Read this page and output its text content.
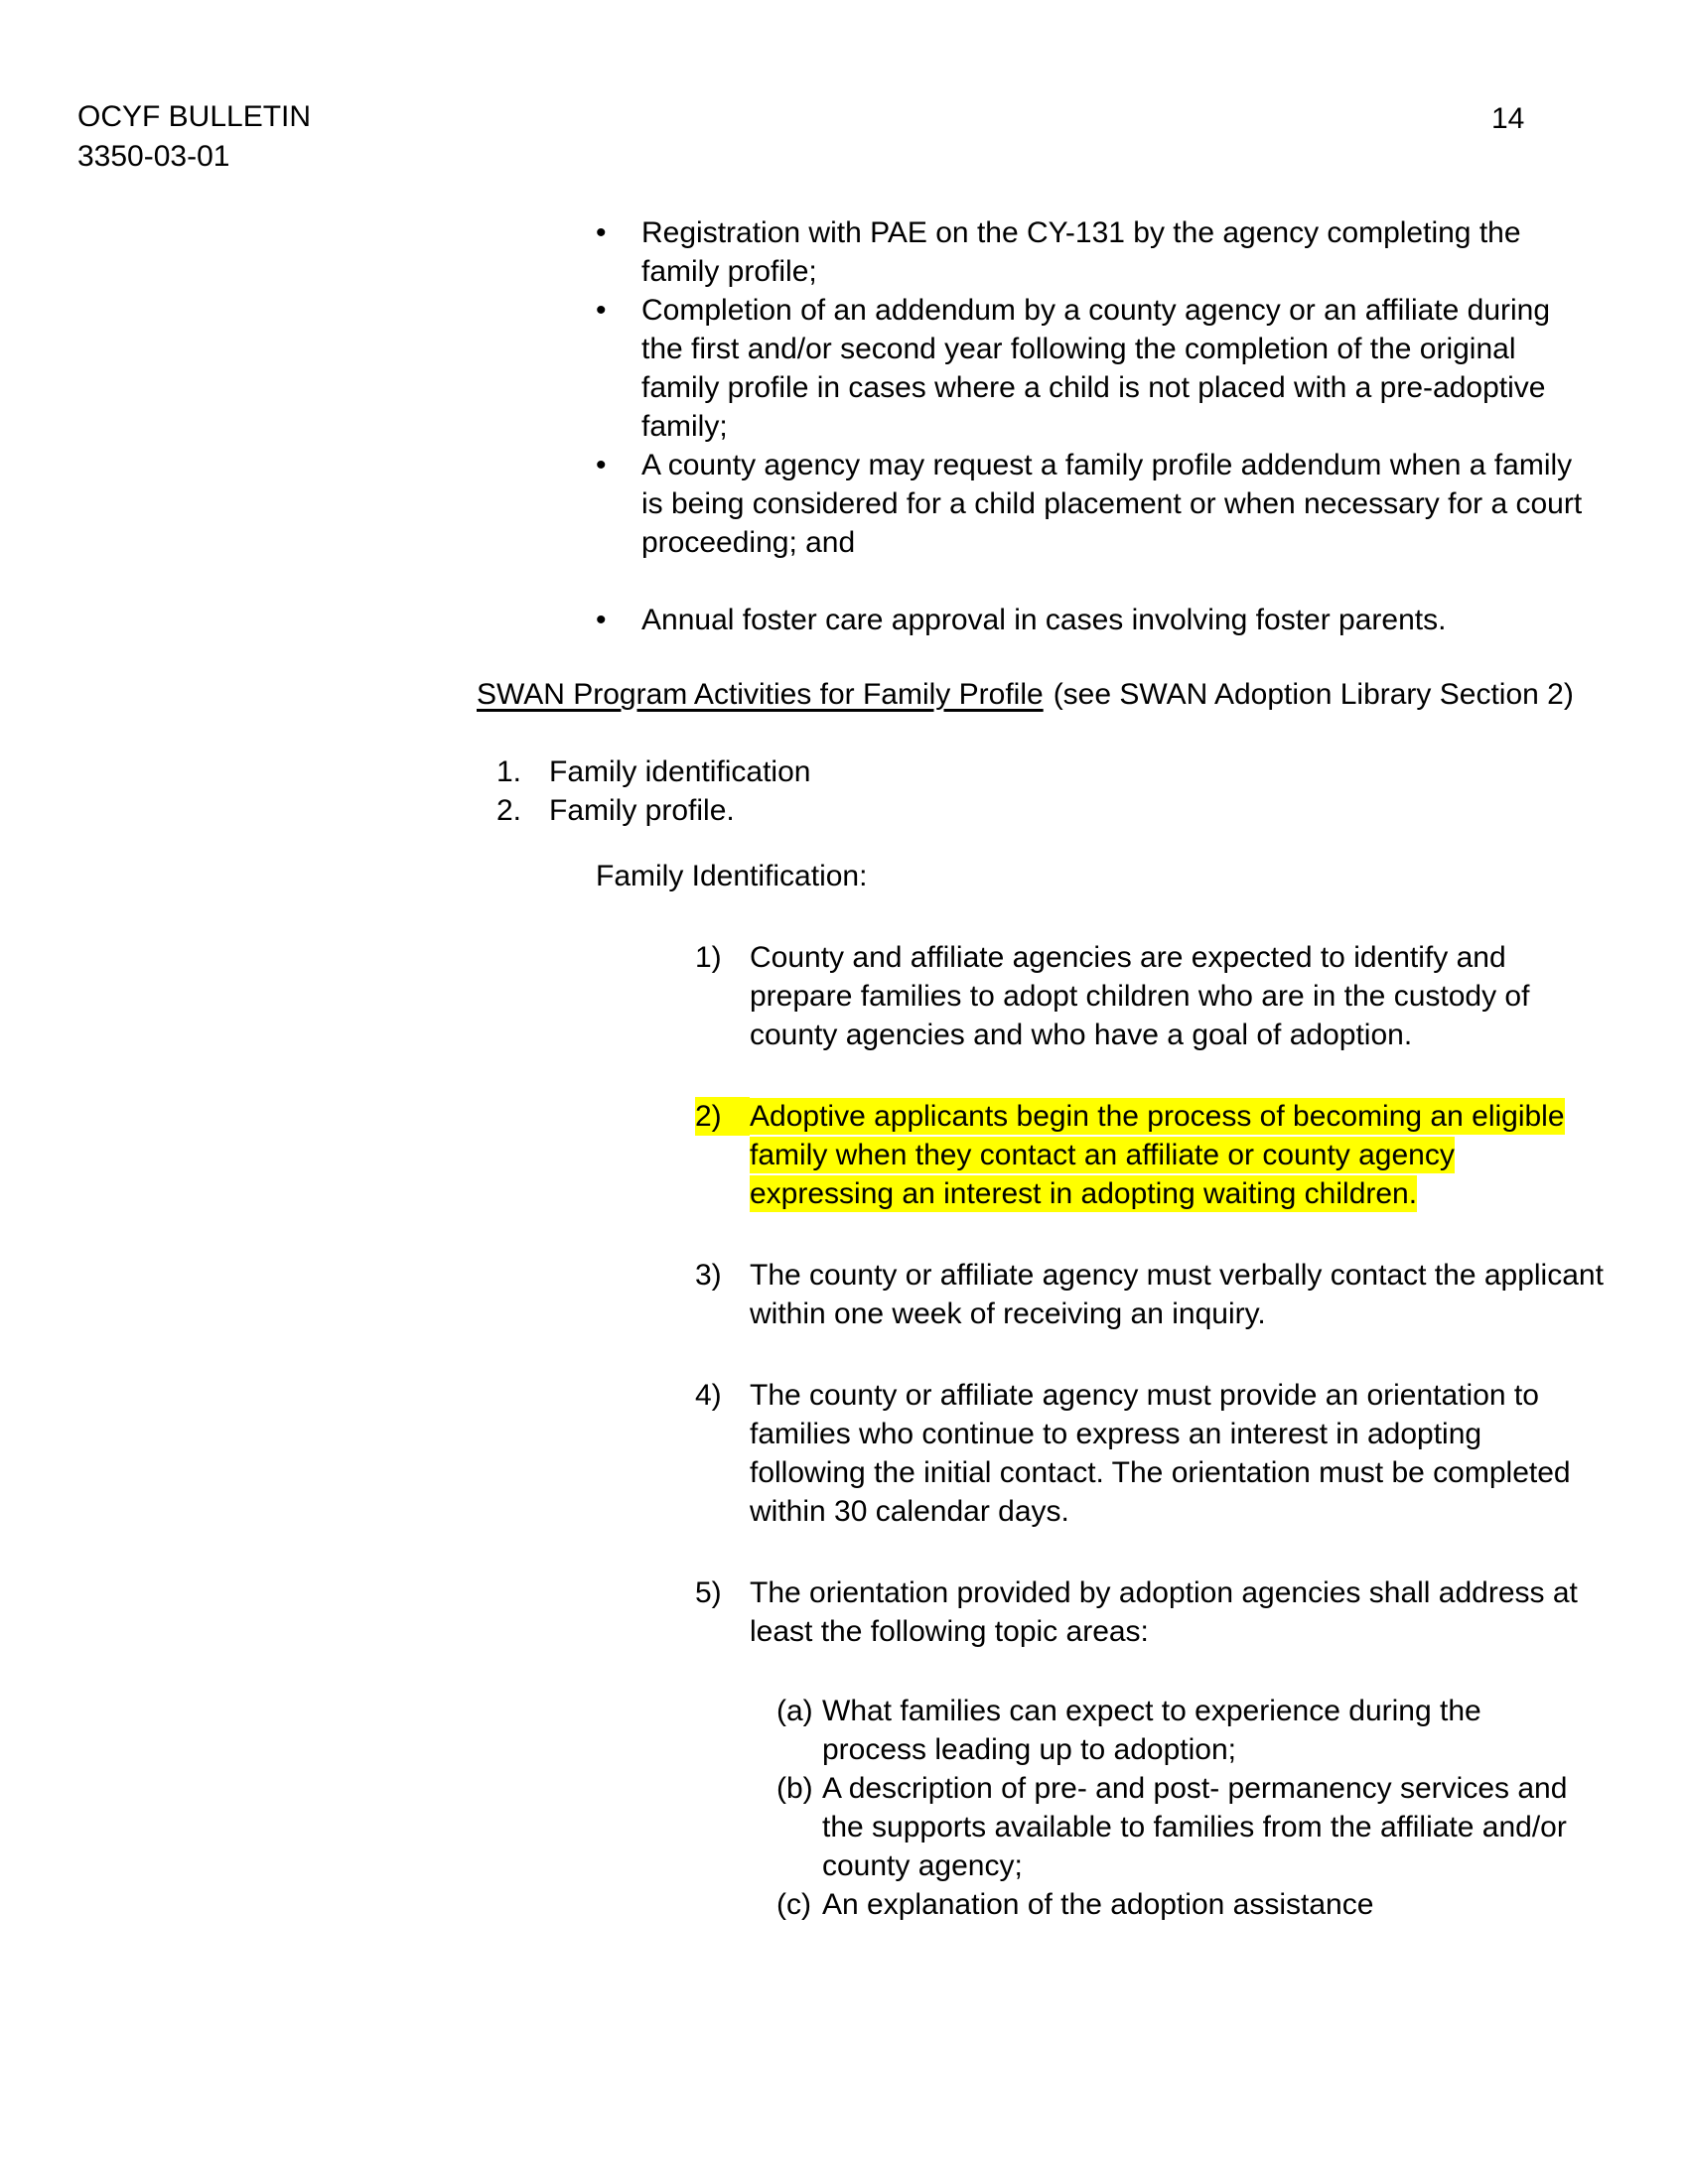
OCYF BULLETIN
3350-03-01
14
•	Registration with PAE on the CY-131 by the agency completing the family profile;
•	Completion of an addendum by a county agency or an affiliate during the first and/or second year following the completion of the original family profile in cases where a child is not placed with a pre-adoptive family;
•	A county agency may request a family profile addendum when a family is being considered for a child placement or when necessary for a court proceeding; and
•	Annual foster care approval in cases involving foster parents.
SWAN Program Activities for Family Profile (see SWAN Adoption Library Section 2)
1. Family identification
2. Family profile.
Family Identification:
1) County and affiliate agencies are expected to identify and prepare families to adopt children who are in the custody of county agencies and who have a goal of adoption.
2) Adoptive applicants begin the process of becoming an eligible family when they contact an affiliate or county agency expressing an interest in adopting waiting children.
3) The county or affiliate agency must verbally contact the applicant within one week of receiving an inquiry.
4) The county or affiliate agency must provide an orientation to families who continue to express an interest in adopting following the initial contact. The orientation must be completed within 30 calendar days.
5) The orientation provided by adoption agencies shall address at least the following topic areas:
(a) What families can expect to experience during the process leading up to adoption;
(b) A description of pre- and post- permanency services and the supports available to families from the affiliate and/or county agency;
(c) An explanation of the adoption assistance
